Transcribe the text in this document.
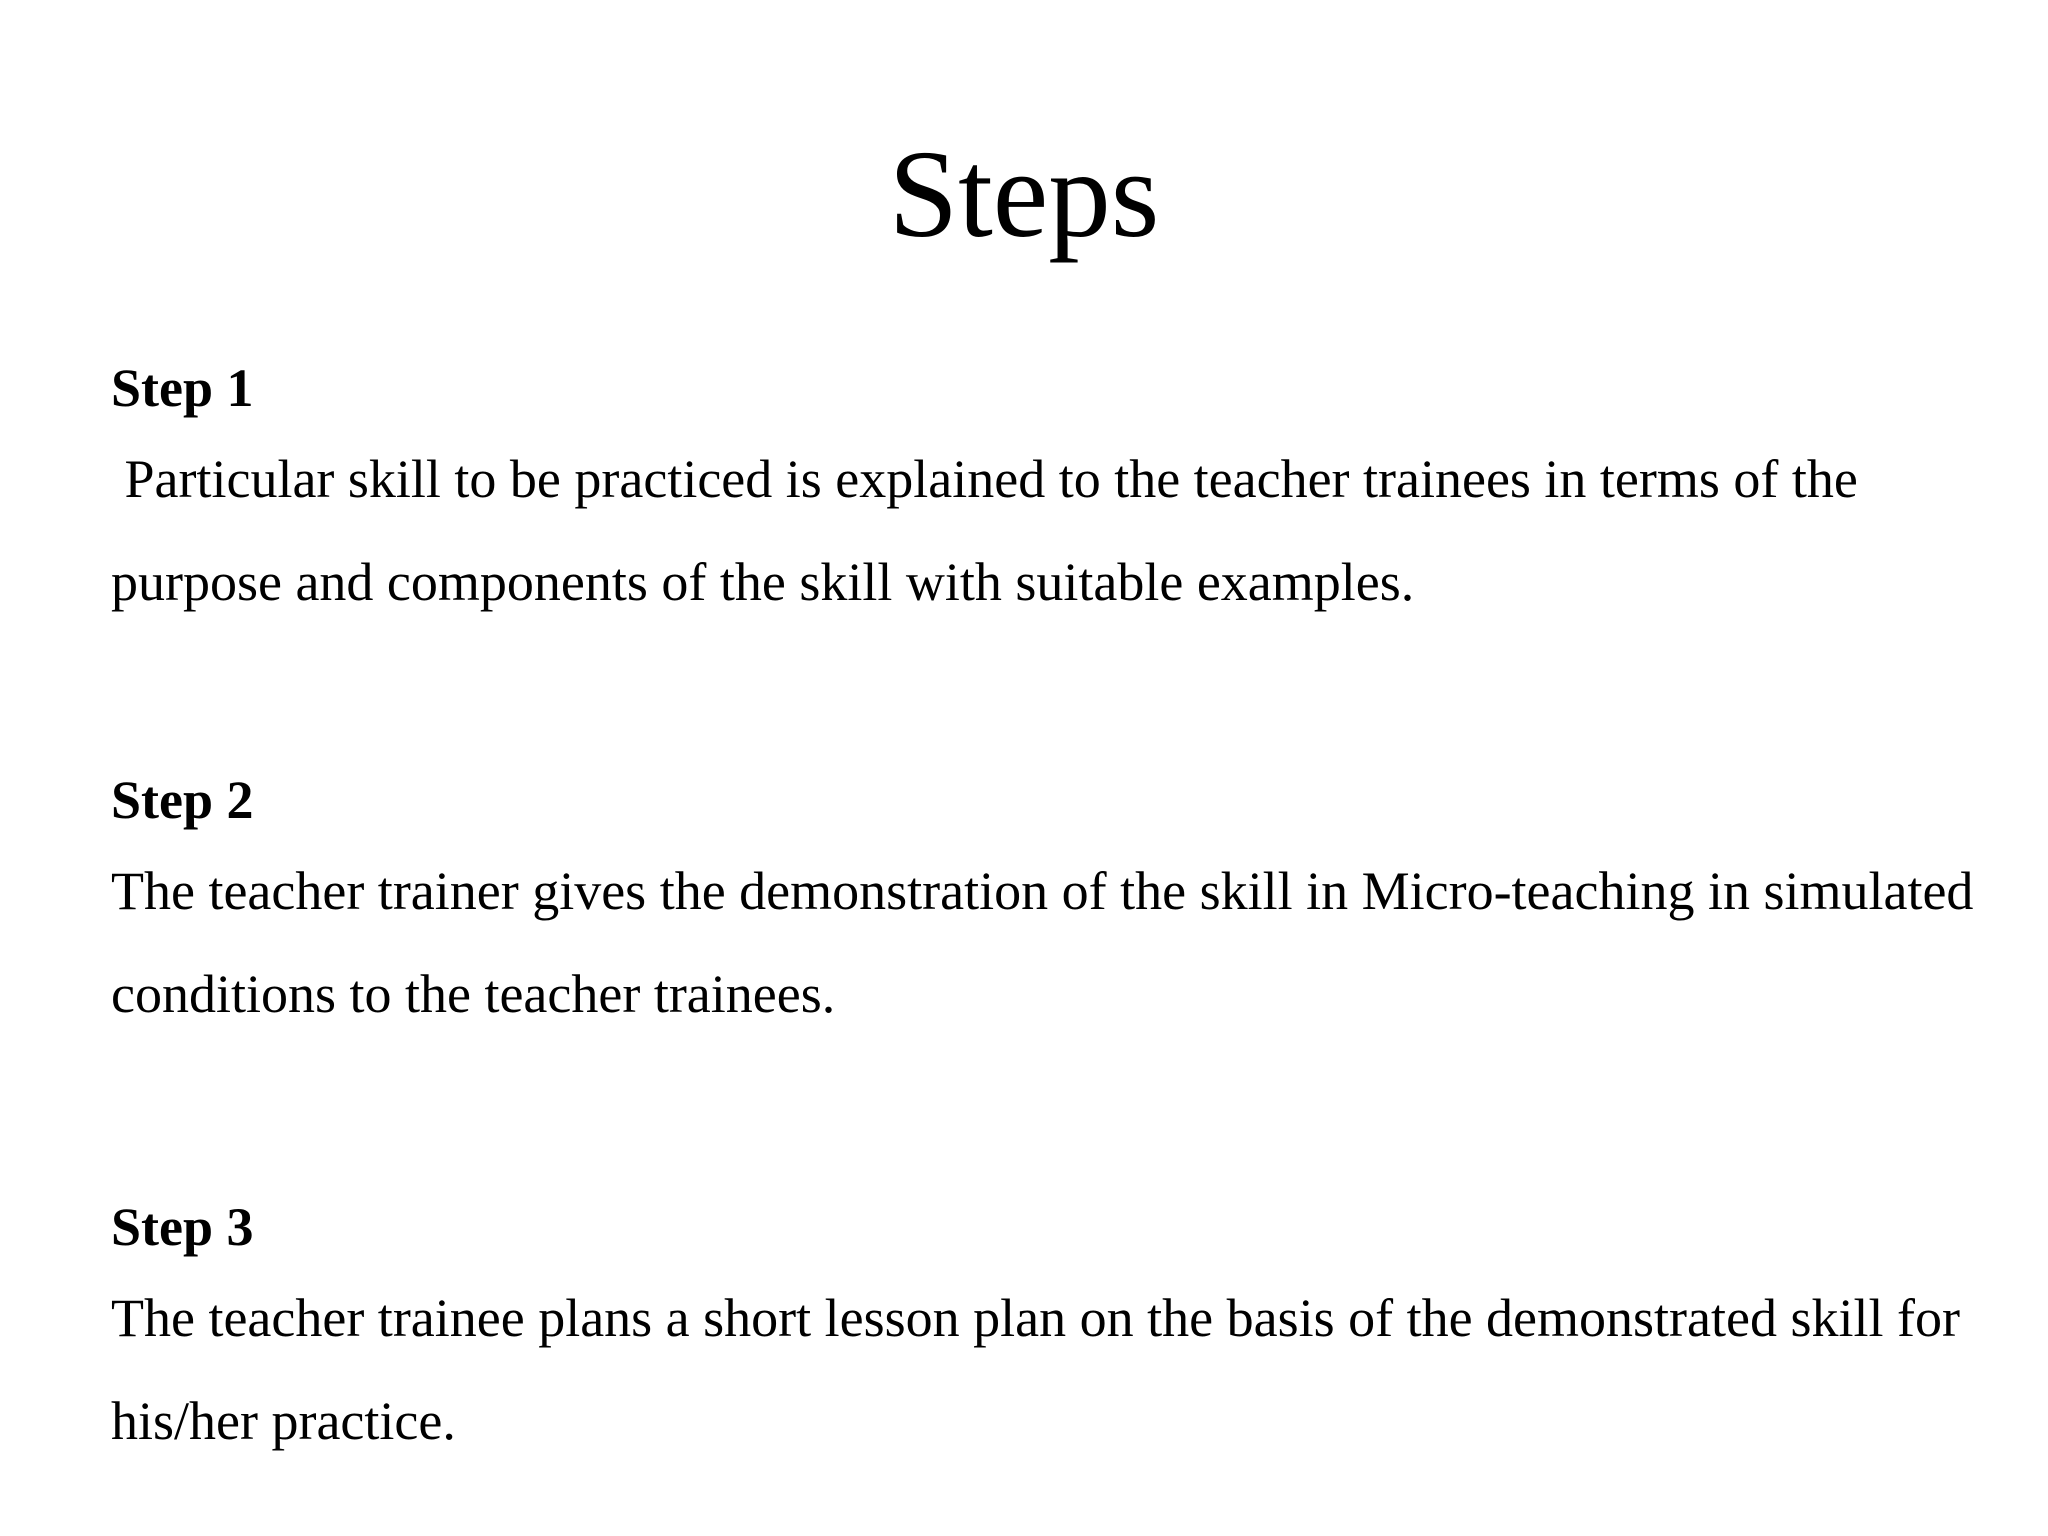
Steps

Step 1

Particular skill to be practiced is explained to the teacher trainees in terms of the purpose and components of the skill with suitable examples.

Step 2

The teacher trainer gives the demonstration of the skill in Micro-teaching in simulated conditions to the teacher trainees.

Step 3

The teacher trainee plans a short lesson plan on the basis of the demonstrated skill for his/her practice.
